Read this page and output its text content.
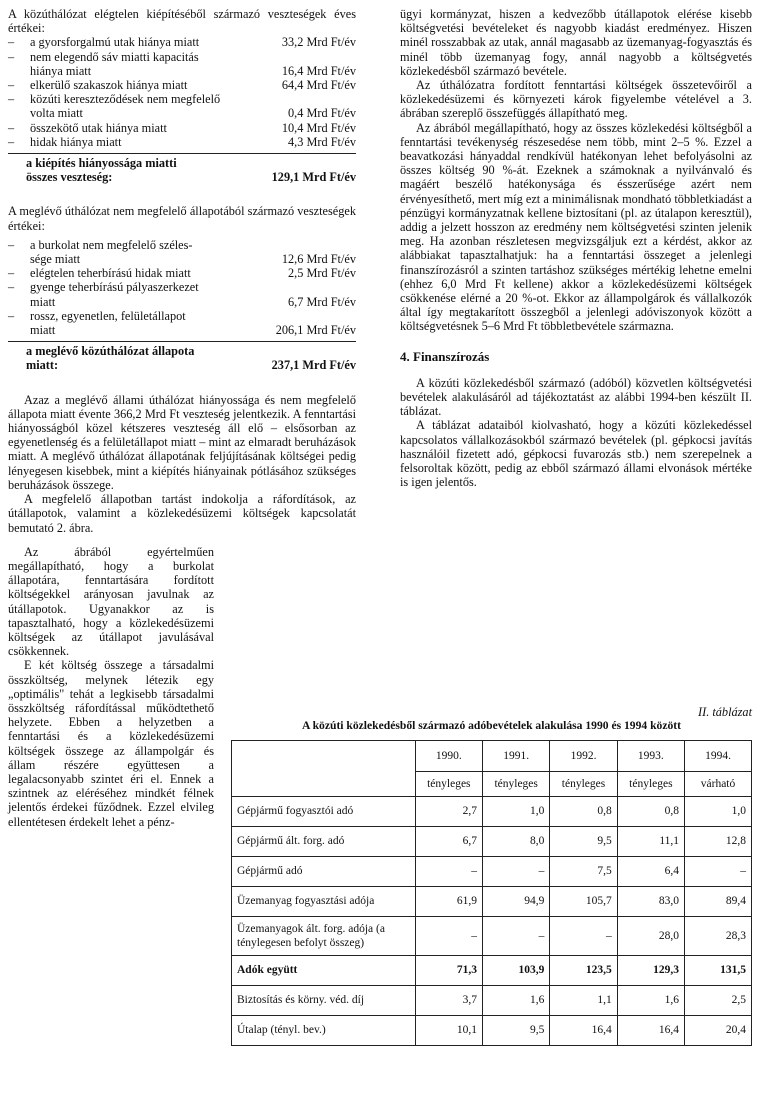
A közúthálózat elégtelen kiépítéséből származó veszteségek éves értékei:

–	a gyorsforgalmú utak hiánya miatt	33,2 Mrd Ft/év
–	nem elegendő sáv miatti kapacitás
hiánya miatt	16,4 Mrd Ft/év
–	elkerülő szakaszok hiánya miatt	64,4 Mrd Ft/év
–	közúti kereszteződések nem megfelelő
volta miatt	0,4 Mrd Ft/év
–	összekötő utak hiánya miatt	10,4 Mrd Ft/év
–	hidak hiánya miatt	4,3 Mrd Ft/év
a kiépítés hiányossága miatti
összes veszteség:	129,1 Mrd Ft/év

A meglévő úthálózat nem megfelelő állapotából származó veszteségek értékei:

–	a burkolat nem megfelelő széles-
sége miatt	12,6 Mrd Ft/év
–	elégtelen teherbírású hidak miatt	2,5 Mrd Ft/év
–	gyenge teherbírású pályaszerkezet
miatt	6,7 Mrd Ft/év
–	rossz, egyenetlen, felületállapot
miatt	206,1 Mrd Ft/év
a meglévő közúthálózat állapota
miatt:	237,1 Mrd Ft/év

Azaz a meglévő állami úthálózat hiányossága és nem megfelelő állapota miatt évente 366,2 Mrd Ft veszteség jelentkezik. A fenntartási hiányosságból közel kétszeres veszteség áll elő – elsősorban az egyenetlenség és a felületállapot miatt – mint az elmaradt beruházások miatt. A meglévő úthálózat állapotának feljújításának költségei pedig lényegesen kisebbek, mint a kiépítés hiányainak pótlásához szükséges beruházások összege.

A megfelelő állapotban tartást indokolja a ráfordítások, az útállapotok, valamint a közlekedésüzemi költségek kapcsolatát bemutató 2. ábra.

Az ábrából egyértelműen megállapítható, hogy a burkolat állapotára, fenntartására fordított költségekkel arányosan javulnak az útállapotok. Ugyanakkor az is tapasztalható, hogy a közlekedésüzemi költségek az útállapot javulásával csökkennek.

E két költség összege a társadalmi összköltség, melynek létezik egy „optimális" tehát a legkisebb társadalmi összköltség ráfordítással működtethető helyzete. Ebben a helyzetben a fenntartási és a közlekedésüzemi költségek összege az állampolgár és állam részére együttesen a legalacsonyabb szintet éri el. Ennek a szintnek az eléréséhez mindkét félnek jelentős érdekei fűződnek. Ezzel elvileg ellentétesen érdekelt lehet a pénz-

ügyi kormányzat, hiszen a kedvezőbb útállapotok elérése kisebb költségvetési bevételeket és nagyobb kiadást eredményez. Hiszen minél rosszabbak az utak, annál magasabb az üzemanyag-fogyasztás és minél több üzemanyag fogy, annál nagyobb a költségvetés közlekedésből származó bevétele.

Az úthálózatra fordított fenntartási költségek összetevőiről a közlekedésüzemi és környezeti károk figyelembe vételével a 3. ábrában szereplő összefüggés állapítható meg.

Az ábrából megállapítható, hogy az összes közlekedési költségből a fenntartási tevékenység részesedése nem több, mint 2–5 %. Ezzel a beavatkozási hányaddal rendkívül hatékonyan lehet befolyásolni az összes költség 90 %-át. Ezeknek a számoknak a nyilvánvaló és magáért beszélő hatékonysága és ésszerűsége azért nem érvényesíthető, mert míg ezt a minimálisnak mondható többletkiadást a pénzügyi kormányzatnak kellene biztosítani (pl. az útalapon keresztül), addig a jelzett hosszon az eredmény nem költségvetési szinten jelenik meg. Ha azonban részletesen megvizsgáljuk ezt a kérdést, akkor az alábbiakat tapasztalhatjuk: ha a fenntartási összeget a jelenlegi finanszírozásról a szinten tartáshoz szükséges mértékig lehetne emelni (ehhez 6,0 Mrd Ft kellene) akkor a közlekedésüzemi költségek csökkenése elérné a 20 %-ot. Ekkor az állampolgárok és vállalkozók által így megtakarított összegből a jelenlegi adóviszonyok között a költségvetésnek 5–6 Mrd Ft többletbevétele származna.

4. Finanszírozás

A közúti közlekedésből származó (adóból) közvetlen költségvetési bevételek alakulásáról ad tájékoztatást az alábbi 1994-ben készült II. táblázat.

A táblázat adataiból kiolvasható, hogy a közúti közlekedéssel kapcsolatos vállalkozásokból származó bevételek (pl. gépkocsi javítás használóil fizetett adó, gépkocsi fuvarozás stb.) nem szerepelnek a felsoroltak között, pedig az ebből származó állami elvonások mértéke is igen jelentős.

II. táblázat
A közúti közlekedésből származó adóbevételek alakulása 1990 és 1994 között
	1990.	1991.	1992.	1993.	1994.
	tényleges	tényleges	tényleges	tényleges	várható
Gépjármű fogyasztói adó	2,7	1,0	0,8	0,8	1,0
Gépjármű ált. forg. adó	6,7	8,0	9,5	11,1	12,8
Gépjármű adó	–	–	7,5	6,4	–
Üzemanyag fogyasztási adója	61,9	94,9	105,7	83,0	89,4
Üzemanyagok ált. forg. adója (a ténylegesen befolyt összeg)	–	–	–	28,0	28,3
Adók együtt	71,3	103,9	123,5	129,3	131,5
Biztosítás és körny. véd. díj	3,7	1,6	1,1	1,6	2,5
Útalap (tényl. bev.)	10,1	9,5	16,4	16,4	20,4
